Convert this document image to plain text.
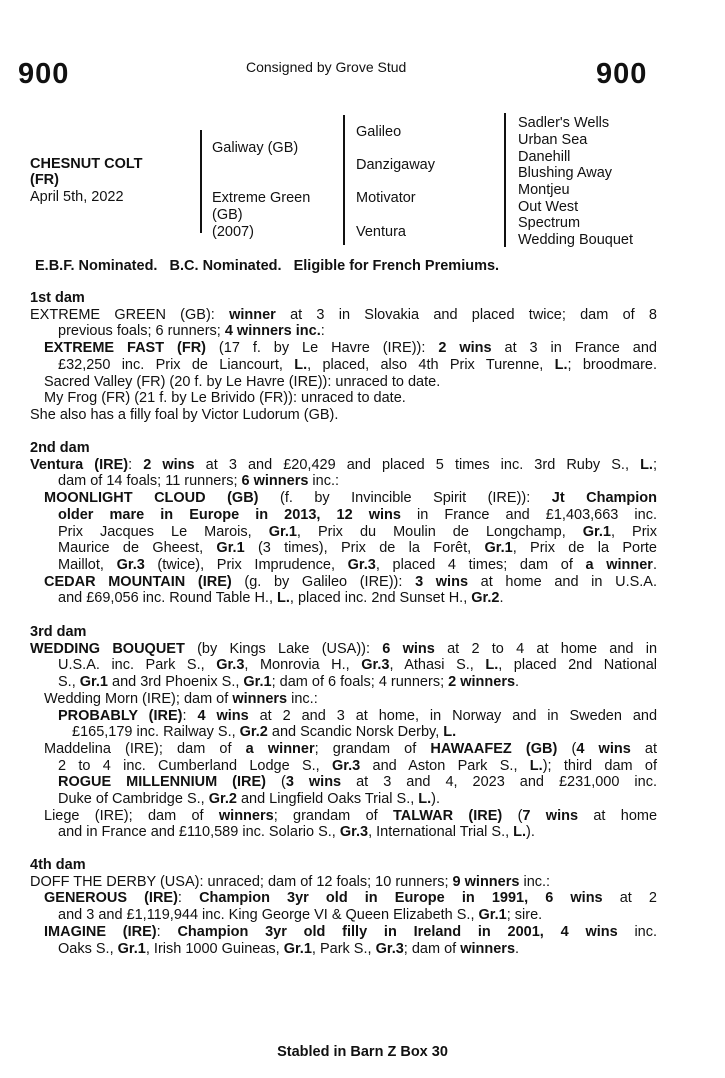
900	Consigned by Grove Stud	900
CHESNUT COLT
(FR)
April 5th, 2022
Galiway (GB)
Extreme Green
(GB)
(2007)
Galileo
Danzigaway
Motivator
Ventura
Sadler's Wells
Urban Sea
Danehill
Blushing Away
Montjeu
Out West
Spectrum
Wedding Bouquet
E.B.F. Nominated.   B.C. Nominated.   Eligible for French Premiums.
1st dam
EXTREME GREEN (GB): winner at 3 in Slovakia and placed twice; dam of 8
previous foals; 6 runners; 4 winners inc.:
EXTREME FAST (FR) (17 f. by Le Havre (IRE)): 2 wins at 3 in France and
£32,250 inc. Prix de Liancourt, L., placed, also 4th Prix Turenne, L.; broodmare.
Sacred Valley (FR) (20 f. by Le Havre (IRE)): unraced to date.
My Frog (FR) (21 f. by Le Brivido (FR)): unraced to date.
She also has a filly foal by Victor Ludorum (GB).
2nd dam
Ventura (IRE): 2 wins at 3 and £20,429 and placed 5 times inc. 3rd Ruby S., L.;
dam of 14 foals; 11 runners; 6 winners inc.:
MOONLIGHT CLOUD (GB) (f. by Invincible Spirit (IRE)): Jt Champion
older mare in Europe in 2013, 12 wins in France and £1,403,663 inc.
Prix Jacques Le Marois, Gr.1, Prix du Moulin de Longchamp, Gr.1, Prix
Maurice de Gheest, Gr.1 (3 times), Prix de la Forêt, Gr.1, Prix de la Porte
Maillot, Gr.3 (twice), Prix Imprudence, Gr.3, placed 4 times; dam of a winner.
CEDAR MOUNTAIN (IRE) (g. by Galileo (IRE)): 3 wins at home and in U.S.A.
and £69,056 inc. Round Table H., L., placed inc. 2nd Sunset H., Gr.2.
3rd dam
WEDDING BOUQUET (by Kings Lake (USA)): 6 wins at 2 to 4 at home and in
U.S.A. inc. Park S., Gr.3, Monrovia H., Gr.3, Athasi S., L., placed 2nd National
S., Gr.1 and 3rd Phoenix S., Gr.1; dam of 6 foals; 4 runners; 2 winners.
Wedding Morn (IRE); dam of winners inc.:
PROBABLY (IRE): 4 wins at 2 and 3 at home, in Norway and in Sweden and
£165,179 inc. Railway S., Gr.2 and Scandic Norsk Derby, L.
Maddelina (IRE); dam of a winner; grandam of HAWAAFEZ (GB) (4 wins at
2 to 4 inc. Cumberland Lodge S., Gr.3 and Aston Park S., L.); third dam of
ROGUE MILLENNIUM (IRE) (3 wins at 3 and 4, 2023 and £231,000 inc.
Duke of Cambridge S., Gr.2 and Lingfield Oaks Trial S., L.).
Liege (IRE); dam of winners; grandam of TALWAR (IRE) (7 wins at home
and in France and £110,589 inc. Solario S., Gr.3, International Trial S., L.).
4th dam
DOFF THE DERBY (USA): unraced; dam of 12 foals; 10 runners; 9 winners inc.:
GENEROUS (IRE): Champion 3yr old in Europe in 1991, 6 wins at 2
and 3 and £1,119,944 inc. King George VI & Queen Elizabeth S., Gr.1; sire.
IMAGINE (IRE): Champion 3yr old filly in Ireland in 2001, 4 wins inc.
Oaks S., Gr.1, Irish 1000 Guineas, Gr.1, Park S., Gr.3; dam of winners.
Stabled in Barn Z Box 30
